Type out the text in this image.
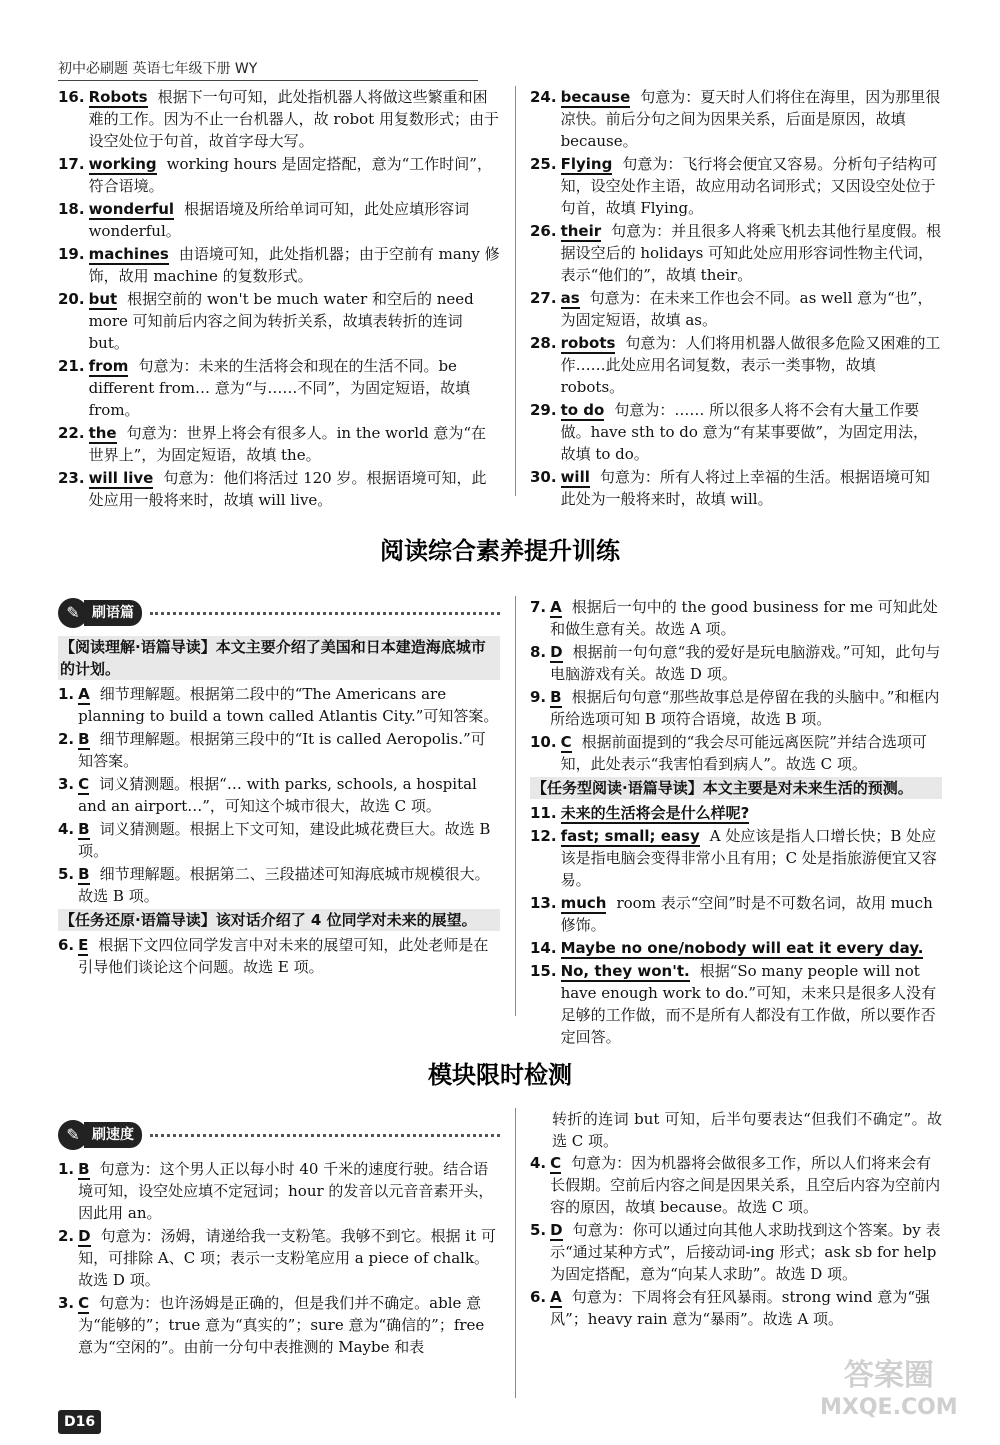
初中必刷题 英语七年级下册 WY
16. Robots 根据下一句可知，此处指机器人将做这些繁重和困难的工作。因为不止一台机器人，故 robot 用复数形式；由于设空处位于句首，故首字母大写。
17. working working hours 是固定搭配，意为“工作时间”，符合语境。
18. wonderful 根据语境及所给单词可知，此处应填形容词 wonderful。
19. machines 由语境可知，此处指机器；由于空前有 many 修饰，故用 machine 的复数形式。
20. but 根据空前的 won't be much water 和空后的 need more 可知前后内容之间为转折关系，故填表转折的连词 but。
21. from 句意为：未来的生活将会和现在的生活不同。be different from… 意为“与……不同”，为固定短语，故填 from。
22. the 句意为：世界上将会有很多人。in the world 意为“在世界上”，为固定短语，故填 the。
23. will live 句意为：他们将活过 120 岁。根据语境可知，此处应用一般将来时，故填 will live。
24. because 句意为：夏天时人们将住在海里，因为那里很凉快。前后分句之间为因果关系，后面是原因，故填 because。
25. Flying 句意为：飞行将会便宜又容易。分析句子结构可知，设空处作主语，故应用动名词形式；又因设空处位于句首，故填 Flying。
26. their 句意为：并且很多人将乘飞机去其他行星度假。根据设空后的 holidays 可知此处应用形容词性物主代词，表示“他们的”，故填 their。
27. as 句意为：在未来工作也会不同。as well 意为“也”，为固定短语，故填 as。
28. robots 句意为：人们将用机器人做很多危险又困难的工作……此处应用名词复数，表示一类事物，故填 robots。
29. to do 句意为：…… 所以很多人将不会有大量工作要做。have sth to do 意为“有某事要做”，为固定用法，故填 to do。
30. will 句意为：所有人将过上幸福的生活。根据语境可知此处为一般将来时，故填 will。
阅读综合素养提升训练
✎ 刷语篇
【阅读理解·语篇导读】本文主要介绍了美国和日本建造海底城市的计划。
1. A 细节理解题。根据第二段中的“The Americans are planning to build a town called Atlantis City.”可知答案。
2. B 细节理解题。根据第三段中的“It is called Aeropolis.”可知答案。
3. C 词义猜测题。根据“… with parks, schools, a hospital and an airport…”，可知这个城市很大，故选 C 项。
4. B 词义猜测题。根据上下文可知，建设此城花费巨大。故选 B 项。
5. B 细节理解题。根据第二、三段描述可知海底城市规模很大。故选 B 项。
【任务还原·语篇导读】该对话介绍了 4 位同学对未来的展望。
6. E 根据下文四位同学发言中对未来的展望可知，此处老师是在引导他们谈论这个问题。故选 E 项。
7. A 根据后一句中的 the good business for me 可知此处和做生意有关。故选 A 项。
8. D 根据前一句句意“我的爱好是玩电脑游戏。”可知，此句与电脑游戏有关。故选 D 项。
9. B 根据后句句意“那些故事总是停留在我的头脑中。”和框内所给选项可知 B 项符合语境，故选 B 项。
10. C 根据前面提到的“我会尽可能远离医院”并结合选项可知，此处表示“我害怕看到病人”。故选 C 项。
【任务型阅读·语篇导读】本文主要是对未来生活的预测。
11. 未来的生活将会是什么样呢?
12. fast; small; easy A 处应该是指人口增长快；B 处应该是指电脑会变得非常小且有用；C 处是指旅游便宜又容易。
13. much room 表示“空间”时是不可数名词，故用 much 修饰。
14. Maybe no one/nobody will eat it every day.
15. No, they won't. 根据“So many people will not have enough work to do.”可知，未来只是很多人没有足够的工作做，而不是所有人都没有工作做，所以要作否定回答。
模块限时检测
✎ 刷速度
1. B 句意为：这个男人正以每小时 40 千米的速度行驶。结合语境可知，设空处应填不定冠词；hour 的发音以元音音素开头，因此用 an。
2. D 句意为：汤姆，请递给我一支粉笔。我够不到它。根据 it 可知，可排除 A、C 项；表示一支粉笔应用 a piece of chalk。故选 D 项。
3. C 句意为：也许汤姆是正确的，但是我们并不确定。able 意为“能够的”；true 意为“真实的”；sure 意为“确信的”；free 意为“空闲的”。由前一分句中表推测的 Maybe 和表
转折的连词 but 可知，后半句要表达“但我们不确定”。故选 C 项。
4. C 句意为：因为机器将会做很多工作，所以人们将来会有长假期。空前后内容之间是因果关系，且空后内容为空前内容的原因，故填 because。故选 C 项。
5. D 句意为：你可以通过向其他人求助找到这个答案。by 表示“通过某种方式”，后接动词-ing 形式；ask sb for help 为固定搭配，意为“向某人求助”。故选 D 项。
6. A 句意为：下周将会有狂风暴雨。strong wind 意为“强风”；heavy rain 意为“暴雨”。故选 A 项。
D16
答案圈
MXQE.COM
